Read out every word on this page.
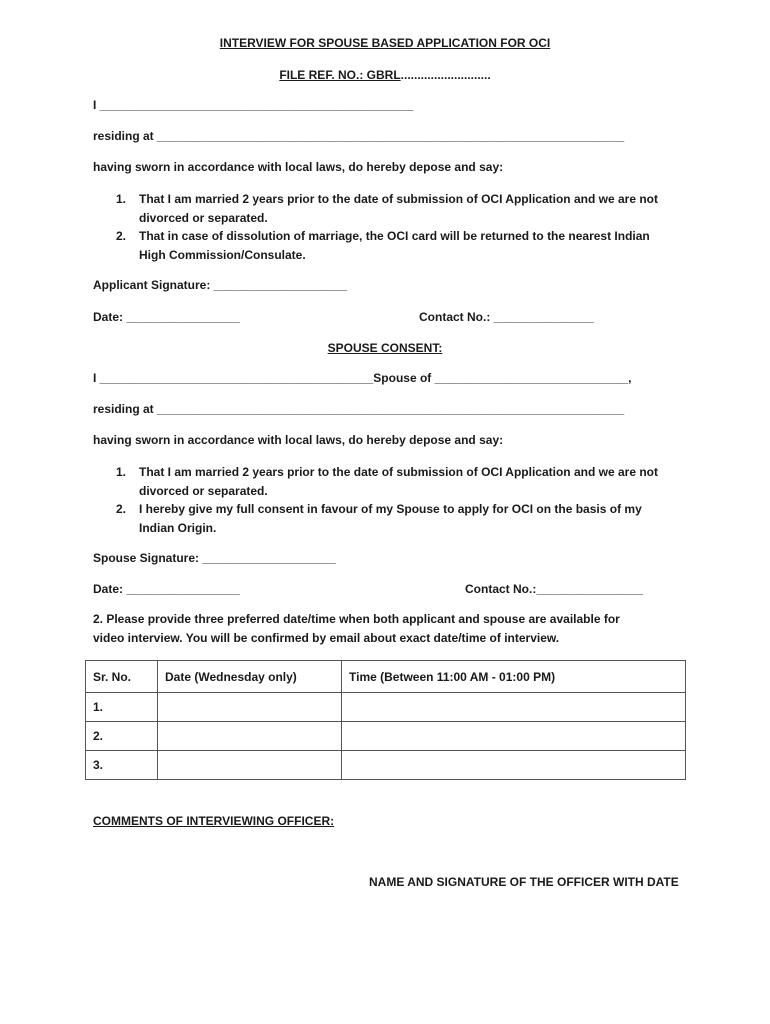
INTERVIEW FOR SPOUSE BASED APPLICATION FOR OCI
FILE REF. NO.: GBRL...........................
I _______________________________________________
residing at ______________________________________________________________________
having sworn in accordance with local laws, do hereby depose and say:
1. That I am married 2 years prior to the date of submission of OCI Application and we are not divorced or separated.
2. That in case of dissolution of marriage, the OCI card will be returned to the nearest Indian High Commission/Consulate.
Applicant Signature: ____________________
Date: _________________	Contact No.: _______________
SPOUSE CONSENT:
I _________________________________________Spouse of _____________________________,
residing at ______________________________________________________________________
having sworn in accordance with local laws, do hereby depose and say:
1. That I am married 2 years prior to the date of submission of OCI Application and we are not divorced or separated.
2. I hereby give my full consent in favour of my Spouse to apply for OCI on the basis of my Indian Origin.
Spouse Signature: ____________________
Date: _________________	Contact No.:________________
2. Please provide three preferred date/time when both applicant and spouse are available for
video interview. You will be confirmed by email about exact date/time of interview.
Sr. No.	Date (Wednesday only)	Time (Between 11:00 AM - 01:00 PM)
1.		
2.		
3.		
COMMENTS OF INTERVIEWING OFFICER:
NAME AND SIGNATURE OF THE OFFICER WITH DATE
